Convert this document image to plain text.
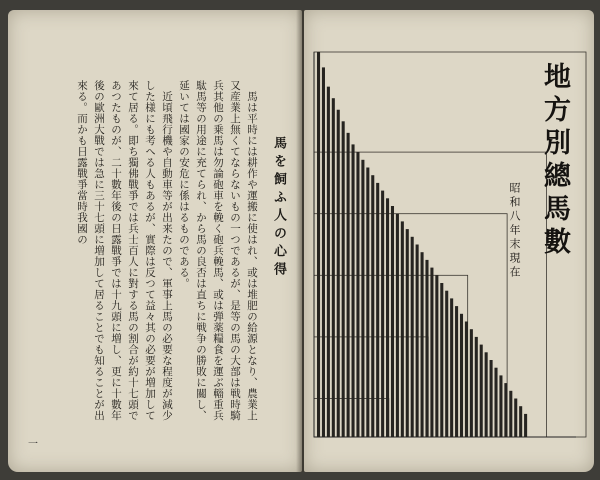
馬を飼ふ人の心得

馬は平時には耕作や運搬に使はれ、或は堆肥の給源となり、農業上又産業上無くてならないもの一つであるが、是等の馬の大部は戦時騎兵其他の乗馬は勿論砲車を輓く砲兵輓馬、或は弾薬糧食を運ぶ輜重兵駄馬等の用途に充てられ、から馬の良否は直ちに戦争の勝敗に關し、延いては國家の安危に係はるものである。

近頃飛行機や自動車等が出来たので、軍事上馬の必要な程度が減少した様にも考へる人もあるが、實際は反つて益々其の必要が増加して來て居る。即ち獨佛戰爭では兵士百人に對する馬の割合が約十七頭であつたものが、二十數年後の日露戰爭では十九頭に増し、更に十數年後の歐洲大戰では急に三十七頭に増加して居ることでも知ることが出來る。而かも日露戰爭當時我國の

一
地方別總馬數
昭和八年末現在
